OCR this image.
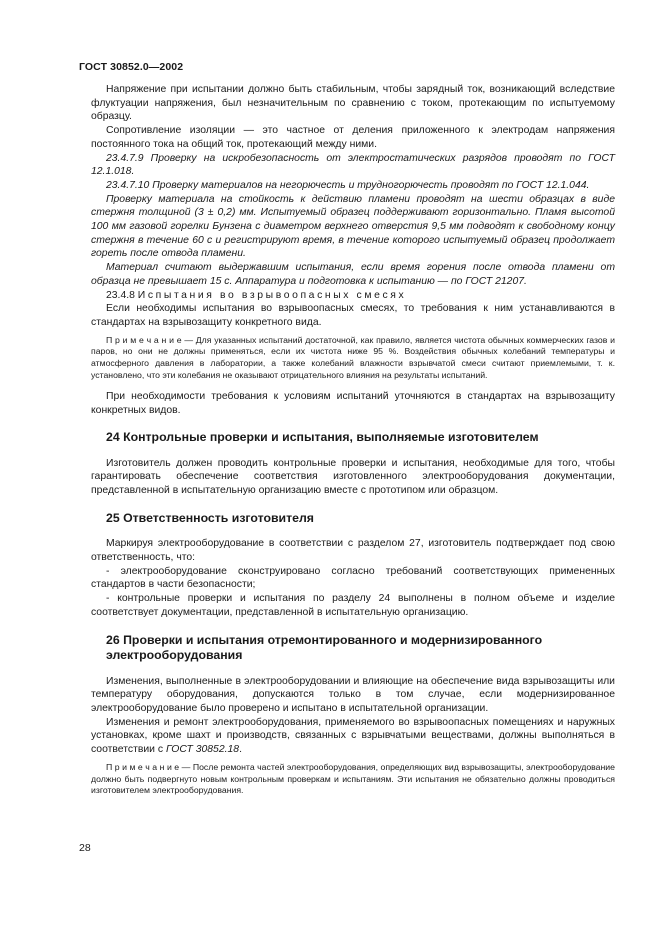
ГОСТ 30852.0—2002

Напряжение при испытании должно быть стабильным, чтобы зарядный ток, возникающий вследствие флуктуации напряжения, был незначительным по сравнению с током, протекающим по испытуемому образцу.

Сопротивление изоляции — это частное от деления приложенного к электродам напряжения постоянного тока на общий ток, протекающий между ними.

23.4.7.9 Проверку на искробезопасность от электростатических разрядов проводят по ГОСТ 12.1.018.

23.4.7.10 Проверку материалов на негорючесть и трудногорючесть проводят по ГОСТ 12.1.044.

Проверку материала на стойкость к действию пламени проводят на шести образцах в виде стержня толщиной (3 ± 0,2) мм. Испытуемый образец поддерживают горизонтально. Пламя высотой 100 мм газовой горелки Бунзена с диаметром верхнего отверстия 9,5 мм подводят к свободному концу стержня в течение 60 с и регистрируют время, в течение которого испытуемый образец продолжает гореть после отвода пламени.

Материал считают выдержавшим испытания, если время горения после отвода пламени от образца не превышает 15 с. Аппаратура и подготовка к испытанию — по ГОСТ 21207.

23.4.8 Испытания во взрывоопасных смесях

Если необходимы испытания во взрывоопасных смесях, то требования к ним устанавливаются в стандартах на взрывозащиту конкретного вида.

П р и м е ч а н и е — Для указанных испытаний достаточной, как правило, является чистота обычных коммерческих газов и паров, но они не должны применяться, если их чистота ниже 95 %. Воздействия обычных колебаний температуры и атмосферного давления в лаборатории, а также колебаний влажности взрывчатой смеси считают приемлемыми, т. к. установлено, что эти колебания не оказывают отрицательного влияния на результаты испытаний.

При необходимости требования к условиям испытаний уточняются в стандартах на взрывозащиту конкретных видов.

24 Контрольные проверки и испытания, выполняемые изготовителем

Изготовитель должен проводить контрольные проверки и испытания, необходимые для того, чтобы гарантировать обеспечение соответствия изготовленного электрооборудования документации, представленной в испытательную организацию вместе с прототипом или образцом.

25 Ответственность изготовителя

Маркируя электрооборудование в соответствии с разделом 27, изготовитель подтверждает под свою ответственность, что:

- электрооборудование сконструировано согласно требований соответствующих примененных стандартов в части безопасности;

- контрольные проверки и испытания по разделу 24 выполнены в полном объеме и изделие соответствует документации, представленной в испытательную организацию.

26 Проверки и испытания отремонтированного и модернизированного
электрооборудования

Изменения, выполненные в электрооборудовании и влияющие на обеспечение вида взрывозащиты или температуру оборудования, допускаются только в том случае, если модернизированное электрооборудование было проверено и испытано в испытательной организации.

Изменения и ремонт электрооборудования, применяемого во взрывоопасных помещениях и наружных установках, кроме шахт и производств, связанных с взрывчатыми веществами, должны выполняться в соответствии с ГОСТ 30852.18.

П р и м е ч а н и е — После ремонта частей электрооборудования, определяющих вид взрывозащиты, электрооборудование должно быть подвергнуто новым контрольным проверкам и испытаниям. Эти испытания не обязательно должны проводиться изготовителем электрооборудования.

28
